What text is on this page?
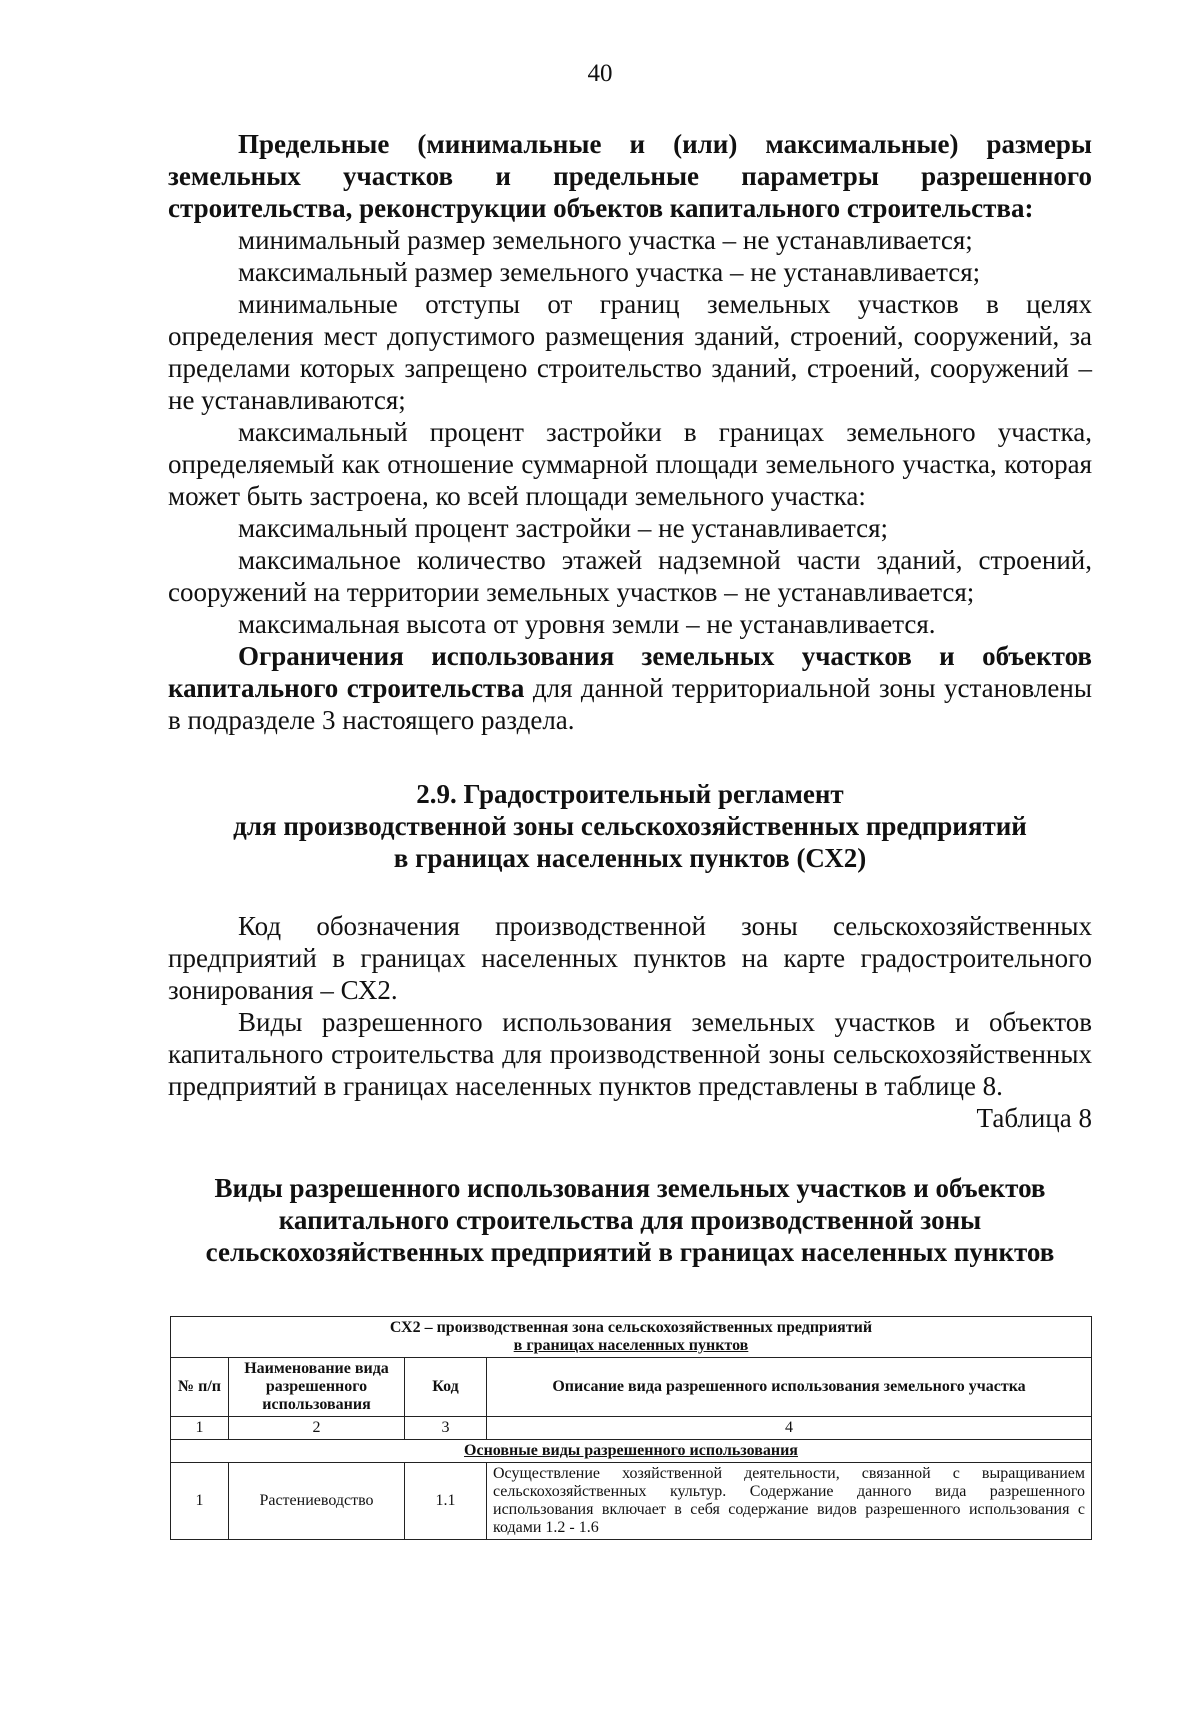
40

Предельные (минимальные и (или) максимальные) размеры земельных участков и предельные параметры разрешенного строительства, реконструкции объектов капитального строительства:

минимальный размер земельного участка – не устанавливается;

максимальный размер земельного участка – не устанавливается;

минимальные отступы от границ земельных участков в целях определения мест допустимого размещения зданий, строений, сооружений, за пределами которых запрещено строительство зданий, строений, сооружений – не устанавливаются;

максимальный процент застройки в границах земельного участка, определяемый как отношение суммарной площади земельного участка, которая может быть застроена, ко всей площади земельного участка:

максимальный процент застройки – не устанавливается;

максимальное количество этажей надземной части зданий, строений, сооружений на территории земельных участков – не устанавливается;

максимальная высота от уровня земли – не устанавливается.

Ограничения использования земельных участков и объектов капитального строительства для данной территориальной зоны установлены в подразделе 3 настоящего раздела.

2.9. Градостроительный регламент
для производственной зоны сельскохозяйственных предприятий
в границах населенных пунктов (СХ2)

Код обозначения производственной зоны сельскохозяйственных предприятий в границах населенных пунктов на карте градостроительного зонирования – СХ2.

Виды разрешенного использования земельных участков и объектов капитального строительства для производственной зоны сельскохозяйственных предприятий в границах населенных пунктов представлены в таблице 8.

Таблица 8

Виды разрешенного использования земельных участков и объектов
капитального строительства для производственной зоны
сельскохозяйственных предприятий в границах населенных пунктов
СХ2 – производственная зона сельскохозяйственных предприятий
в границах населенных пунктов			

№ п/п	Наименование вида разрешенного использования	Код	Описание вида разрешенного использования земельного участка
1	2	3	4
Основные виды разрешенного использования			
1	Растениеводство	1.1	Осуществление хозяйственной деятельности, связанной с выращиванием сельскохозяйственных культур. Содержание данного вида разрешенного использования включает в себя содержание видов разрешенного использования с кодами 1.2 - 1.6
